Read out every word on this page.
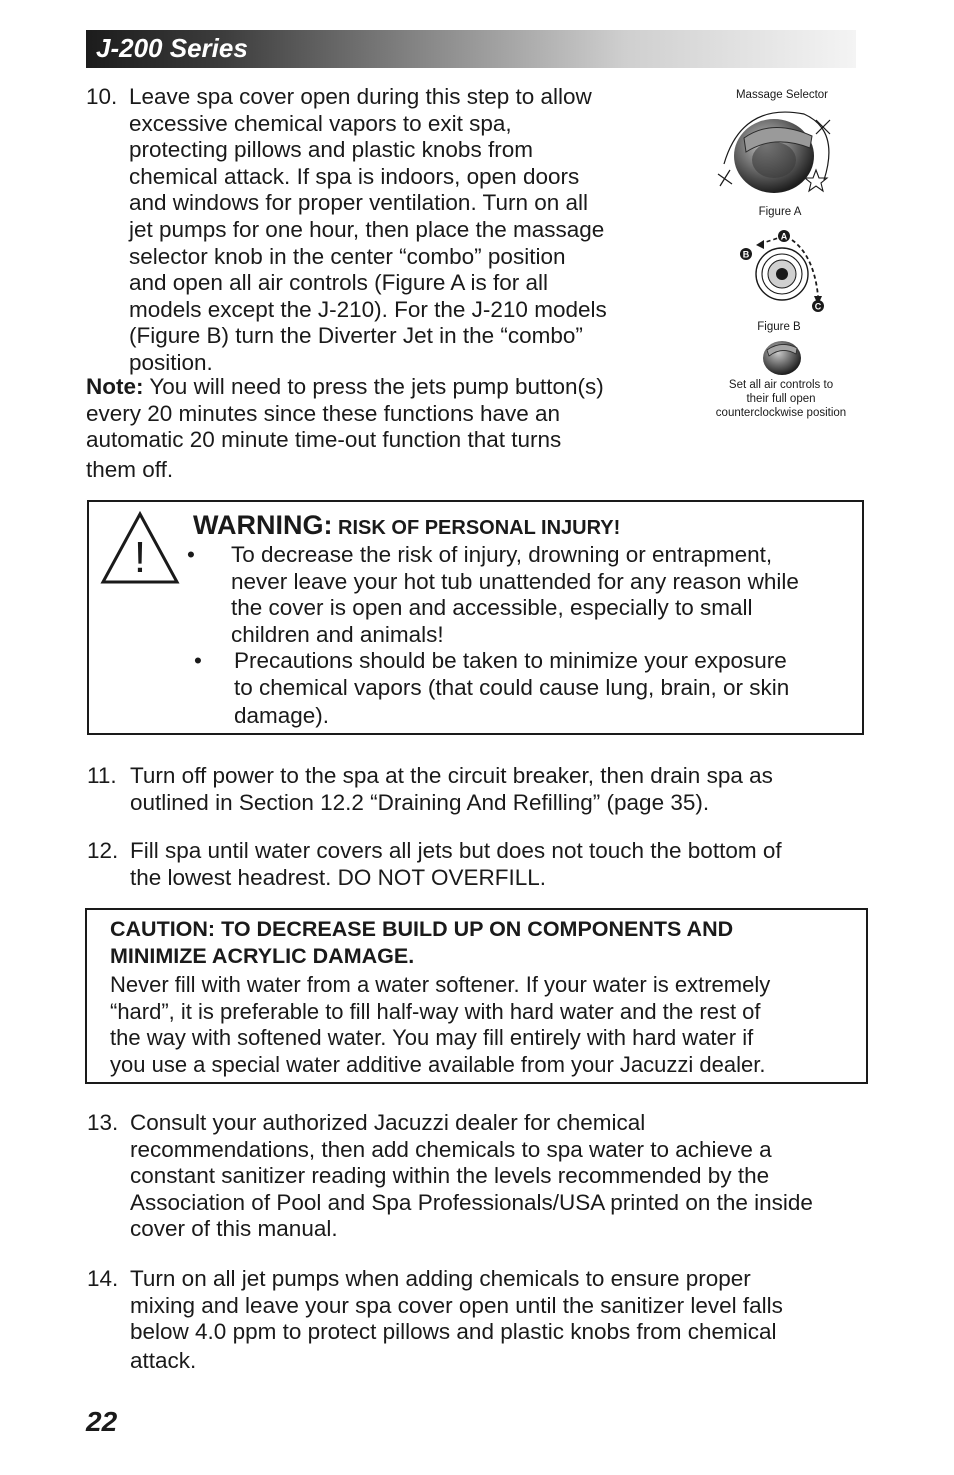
J-200 Series
10. Leave spa cover open during this step to allow
excessive chemical vapors to exit spa,
protecting pillows and plastic knobs from
chemical attack. If spa is indoors, open doors
and windows for proper ventilation. Turn on all
jet pumps for one hour, then place the massage
selector knob in the center “combo” position
and open all air controls (Figure A is for all
models except the J-210). For the J-210 models
(Figure B) turn the Diverter Jet in the “combo”
position.
Note: You will need to press the jets pump button(s)
every 20 minutes since these functions have an
automatic 20 minute time-out function that turns
them off.
Massage Selector
Figure A
A
B
C
Figure B
Set all air controls to
their full open
counterclockwise position
!
WARNING: RISK OF PERSONAL INJURY!
• To decrease the risk of injury, drowning or entrapment,
never leave your hot tub unattended for any reason while
the cover is open and accessible, especially to small
children and animals!
• Precautions should be taken to minimize your exposure
to chemical vapors (that could cause lung, brain, or skin
damage).
11. Turn off power to the spa at the circuit breaker, then drain spa as
outlined in Section 12.2 “Draining And Refilling” (page 35).
12. Fill spa until water covers all jets but does not touch the bottom of
the lowest headrest. DO NOT OVERFILL.
CAUTION: TO DECREASE BUILD UP ON COMPONENTS AND
MINIMIZE ACRYLIC DAMAGE.
Never fill with water from a water softener. If your water is extremely
“hard”, it is preferable to fill half-way with hard water and the rest of
the way with softened water. You may fill entirely with hard water if
you use a special water additive available from your Jacuzzi dealer.
13. Consult your authorized Jacuzzi dealer for chemical
recommendations, then add chemicals to spa water to achieve a
constant sanitizer reading within the levels recommended by the
Association of Pool and Spa Professionals/USA printed on the inside
cover of this manual.
14. Turn on all jet pumps when adding chemicals to ensure proper
mixing and leave your spa cover open until the sanitizer level falls
below 4.0 ppm to protect pillows and plastic knobs from chemical
attack.
22
